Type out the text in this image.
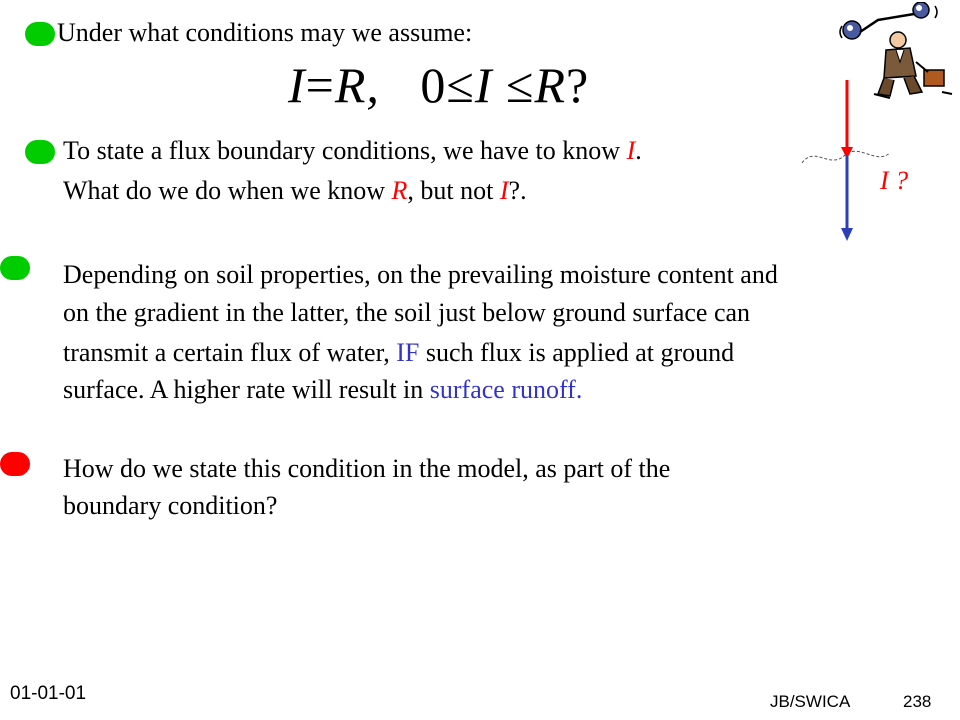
Under what conditions may we assume:
I=R, 0≤I ≤R?
To state a flux boundary conditions, we have to know I.
What do we do when we know R, but not I?.
Depending on soil properties, on the prevailing moisture content and
on the gradient in the latter, the soil just below ground surface can
transmit a certain flux of water, IF such flux is applied at ground
surface. A higher rate will result in surface runoff.
How do we state this condition in the model, as part of the
boundary condition?
I ?
01-01-01	JB/SWICA	238
